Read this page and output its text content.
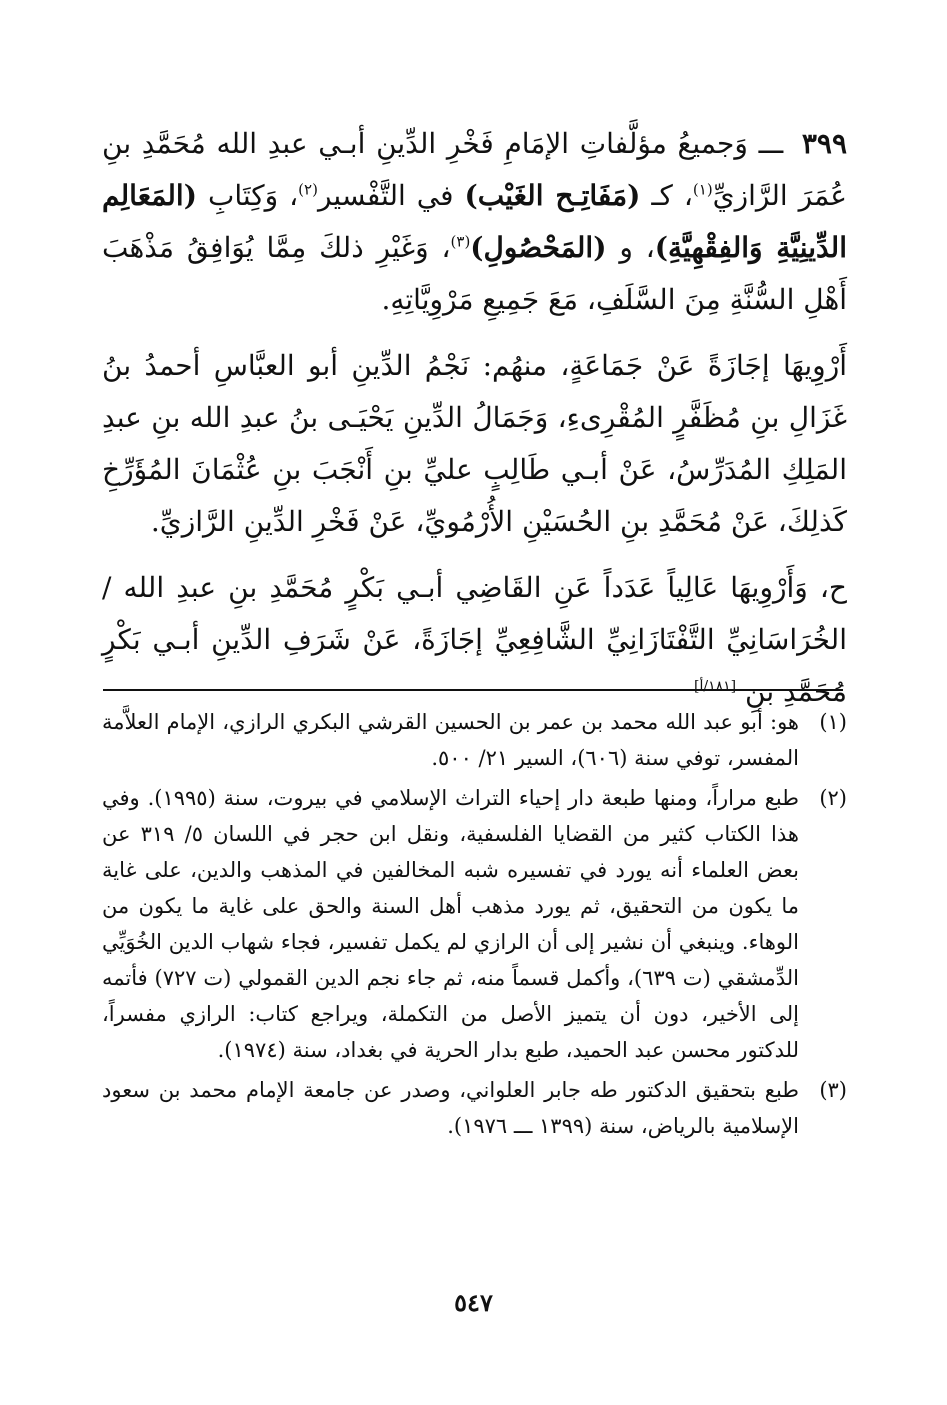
٣٩٩ ـــ وَجميعُ مؤلَّفاتِ الإمَامِ فَخْرِ الدِّينِ أبـي عبدِ الله مُحَمَّدِ بنِ عُمَرَ الرَّازيِّ$^{(١)}$، كـ (مَفَاتِـح الغَيْب) في التَّفْسير$^{(٢)}$، وَكِتَابِ (المَعَالِم الدِّينِيَّةِ وَالفِقْهِيَّةِ)، و (المَحْصُولِ)$^{(٣)}$، وَغَيْرِ ذلكَ مِمَّا يُوَافِقُ مَذْهَبَ أَهْلِ السُّنَّةِ مِنَ السَّلَفِ، مَعَ جَمِيعِ مَرْوِيَّاتِهِ.

أَرْوِيهَا إجَازَةً عَنْ جَمَاعَةٍ، منهُم: نَجْمُ الدِّينِ أبو العبَّاسِ أحمدُ بنُ غَزَالِ بنِ مُظَفَّرٍ المُقْرِىءِ، وَجَمَالُ الدِّينِ يَحْيَـى بنُ عبدِ الله بنِ عبدِ المَلِكِ المُدَرِّسُ، عَنْ أبـي طَالِبٍ عليِّ بنِ أَنْجَبَ بنِ عُثْمَانَ المُؤَرِّخِ كَذلِكَ، عَنْ مُحَمَّدِ بنِ الحُسَيْنِ الأُرْمُويِّ، عَنْ فَخْرِ الدِّينِ الرَّازيِّ.

ح، وَأَرْوِيهَا عَالِياً عَدَداً عَنِ القَاضِي أبـي بَكْرٍ مُحَمَّدِ بنِ عبدِ الله / الخُرَاسَانِيِّ التَّفْتَازَانِيِّ الشَّافِعِيِّ إجَازَةً، عَنْ شَرَفِ الدِّينِ أبـي بَكْرٍ مُحَمَّدِ بنِ [١٨١/أ]

(١)
هو: أبو عبد الله محمد بن عمر بن الحسين القرشي البكري الرازي، الإمام العلاَّمة المفسر، توفي سنة (٦٠٦)، السير ٢١/ ٥٠٠.
(٢)
طبع مراراً، ومنها طبعة دار إحياء التراث الإسلامي في بيروت، سنة (١٩٩٥). وفي هذا الكتاب كثير من القضايا الفلسفية، ونقل ابن حجر في اللسان ٥/ ٣١٩ عن بعض العلماء أنه يورد في تفسيره شبه المخالفين في المذهب والدين، على غاية ما يكون من التحقيق، ثم يورد مذهب أهل السنة والحق على غاية ما يكون من الوهاء. وينبغي أن نشير إلى أن الرازي لم يكمل تفسير، فجاء شهاب الدين الخُوَيِّي الدِّمشقي (ت ٦٣٩)، وأكمل قسماً منه، ثم جاء نجم الدين القمولي (ت ٧٢٧) فأتمه إلى الأخير، دون أن يتميز الأصل من التكملة، ويراجع كتاب: الرازي مفسراً، للدكتور محسن عبد الحميد، طبع بدار الحرية في بغداد، سنة (١٩٧٤).
(٣)
طبع بتحقيق الدكتور طه جابر العلواني، وصدر عن جامعة الإمام محمد بن سعود الإسلامية بالرياض، سنة (١٣٩٩ ـــ ١٩٧٦).
٥٤٧
